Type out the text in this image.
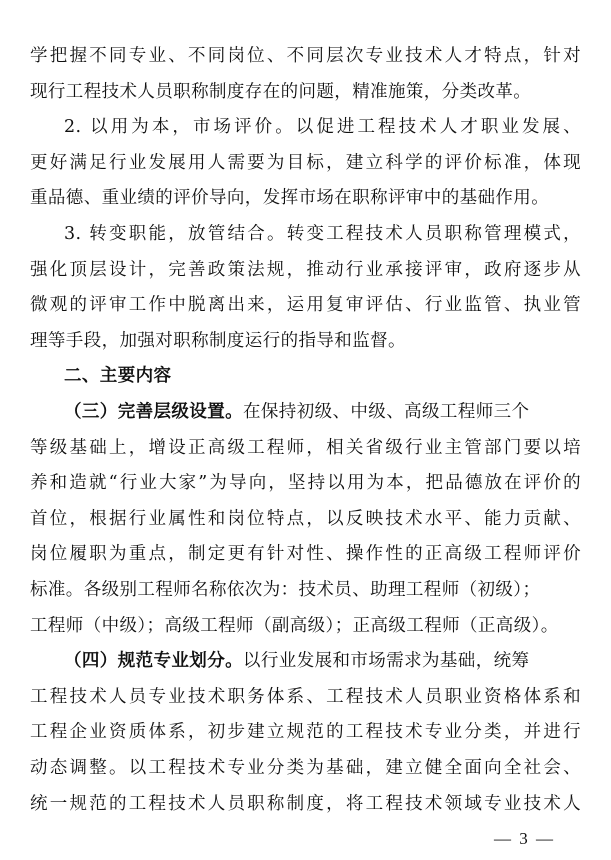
学把握不同专业、不同岗位、不同层次专业技术人才特点，针对
现行工程技术人员职称制度存在的问题，精准施策，分类改革。
2. 以用为本，市场评价。以促进工程技术人才职业发展、
更好满足行业发展用人需要为目标，建立科学的评价标准，体现
重品德、重业绩的评价导向，发挥市场在职称评审中的基础作用。
3. 转变职能，放管结合。转变工程技术人员职称管理模式，
强化顶层设计，完善政策法规，推动行业承接评审，政府逐步从
微观的评审工作中脱离出来，运用复审评估、行业监管、执业管
理等手段，加强对职称制度运行的指导和监督。
二、主要内容
（三）完善层级设置。在保持初级、中级、高级工程师三个
等级基础上，增设正高级工程师，相关省级行业主管部门要以培
养和造就“行业大家”为导向，坚持以用为本，把品德放在评价的
首位，根据行业属性和岗位特点，以反映技术水平、能力贡献、
岗位履职为重点，制定更有针对性、操作性的正高级工程师评价
标准。各级别工程师名称依次为：技术员、助理工程师（初级）；
工程师（中级）；高级工程师（副高级）；正高级工程师（正高级）。
（四）规范专业划分。以行业发展和市场需求为基础，统筹
工程技术人员专业技术职务体系、工程技术人员职业资格体系和
工程企业资质体系，初步建立规范的工程技术专业分类，并进行
动态调整。以工程技术专业分类为基础，建立健全面向全社会、
统一规范的工程技术人员职称制度，将工程技术领域专业技术人
— 3 —
